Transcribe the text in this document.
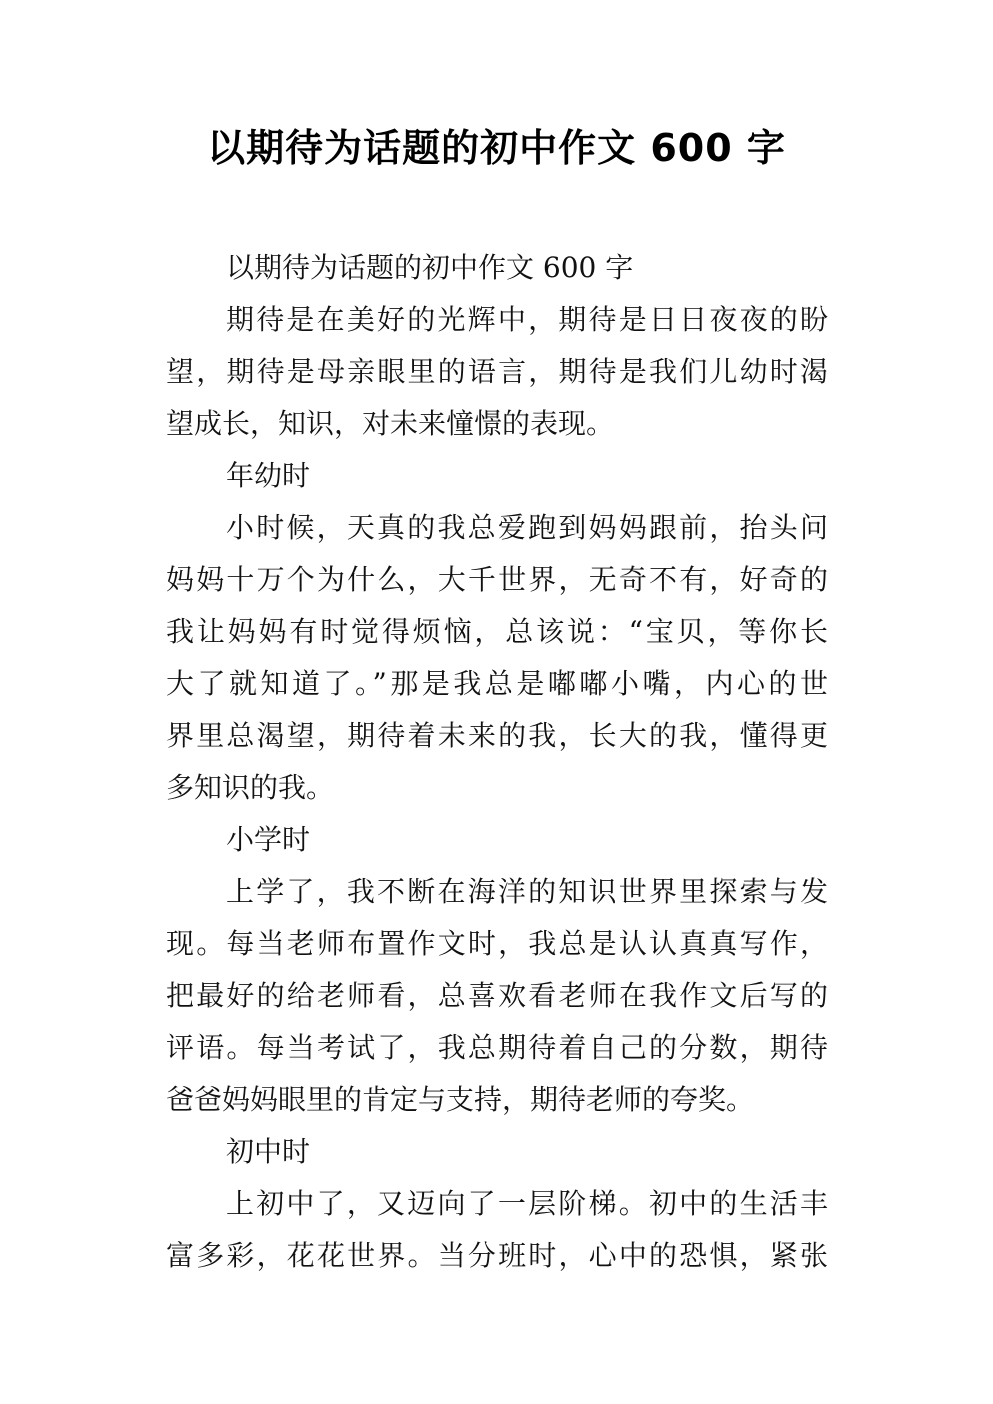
以期待为话题的初中作文 600 字
以期待为话题的初中作文 600 字
期待是在美好的光辉中，期待是日日夜夜的盼
望，期待是母亲眼里的语言，期待是我们儿幼时渴
望成长，知识，对未来憧憬的表现。
年幼时
小时候，天真的我总爱跑到妈妈跟前，抬头问
妈妈十万个为什么，大千世界，无奇不有，好奇的
我让妈妈有时觉得烦恼，总该说：“宝贝，等你长
大了就知道了。”那是我总是嘟嘟小嘴，内心的世
界里总渴望，期待着未来的我，长大的我，懂得更
多知识的我。
小学时
上学了，我不断在海洋的知识世界里探索与发
现。每当老师布置作文时，我总是认认真真写作，
把最好的给老师看，总喜欢看老师在我作文后写的
评语。每当考试了，我总期待着自己的分数，期待
爸爸妈妈眼里的肯定与支持，期待老师的夸奖。
初中时
上初中了，又迈向了一层阶梯。初中的生活丰
富多彩，花花世界。当分班时，心中的恐惧，紧张
